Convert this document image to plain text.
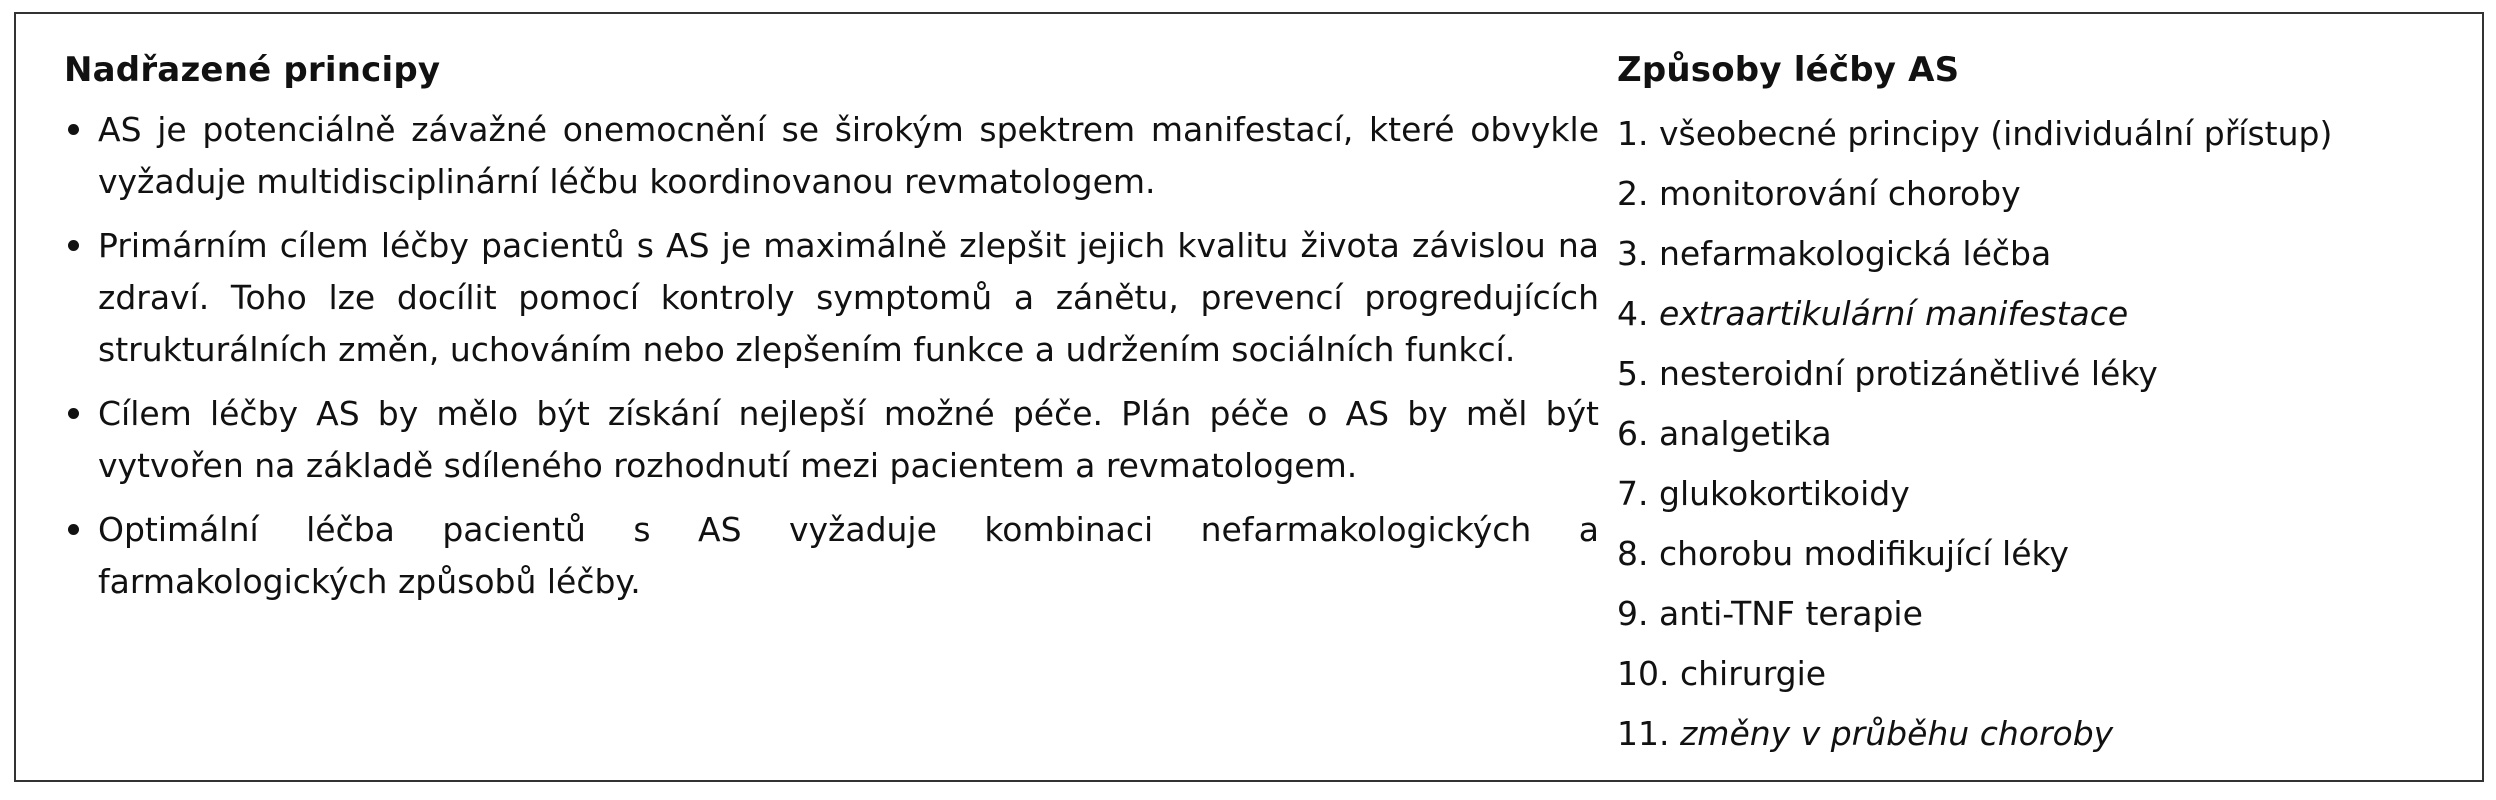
Nadřazené principy
AS je potenciálně závažné onemocnění se širokým spektrem manifestací, které obvykle vyžaduje multidisciplinární léčbu koordinovanou revmatologem.
Primárním cílem léčby pacientů s AS je maximálně zlepšit jejich kvalitu života závislou na zdraví. Toho lze docílit pomocí kontroly symptomů a zánětu, prevencí progredujících strukturálních změn, uchováním nebo zlepšením funkce a udržením sociálních funkcí.
Cílem léčby AS by mělo být získání nejlepší možné péče. Plán péče o AS by měl být vytvořen na základě sdíleného rozhodnutí mezi pacientem a revmatologem.
Optimální léčba pacientů s AS vyžaduje kombinaci nefarmakologických a farmakologických způsobů léčby.
Způsoby léčby AS
1. všeobecné principy (individuální přístup)
2. monitorování choroby
3. nefarmakologická léčba
4. extraartikulární manifestace
5. nesteroidní protizánětlivé léky
6. analgetika
7. glukokortikoidy
8. chorobu modifikující léky
9. anti-TNF terapie
10. chirurgie
11. změny v průběhu choroby
